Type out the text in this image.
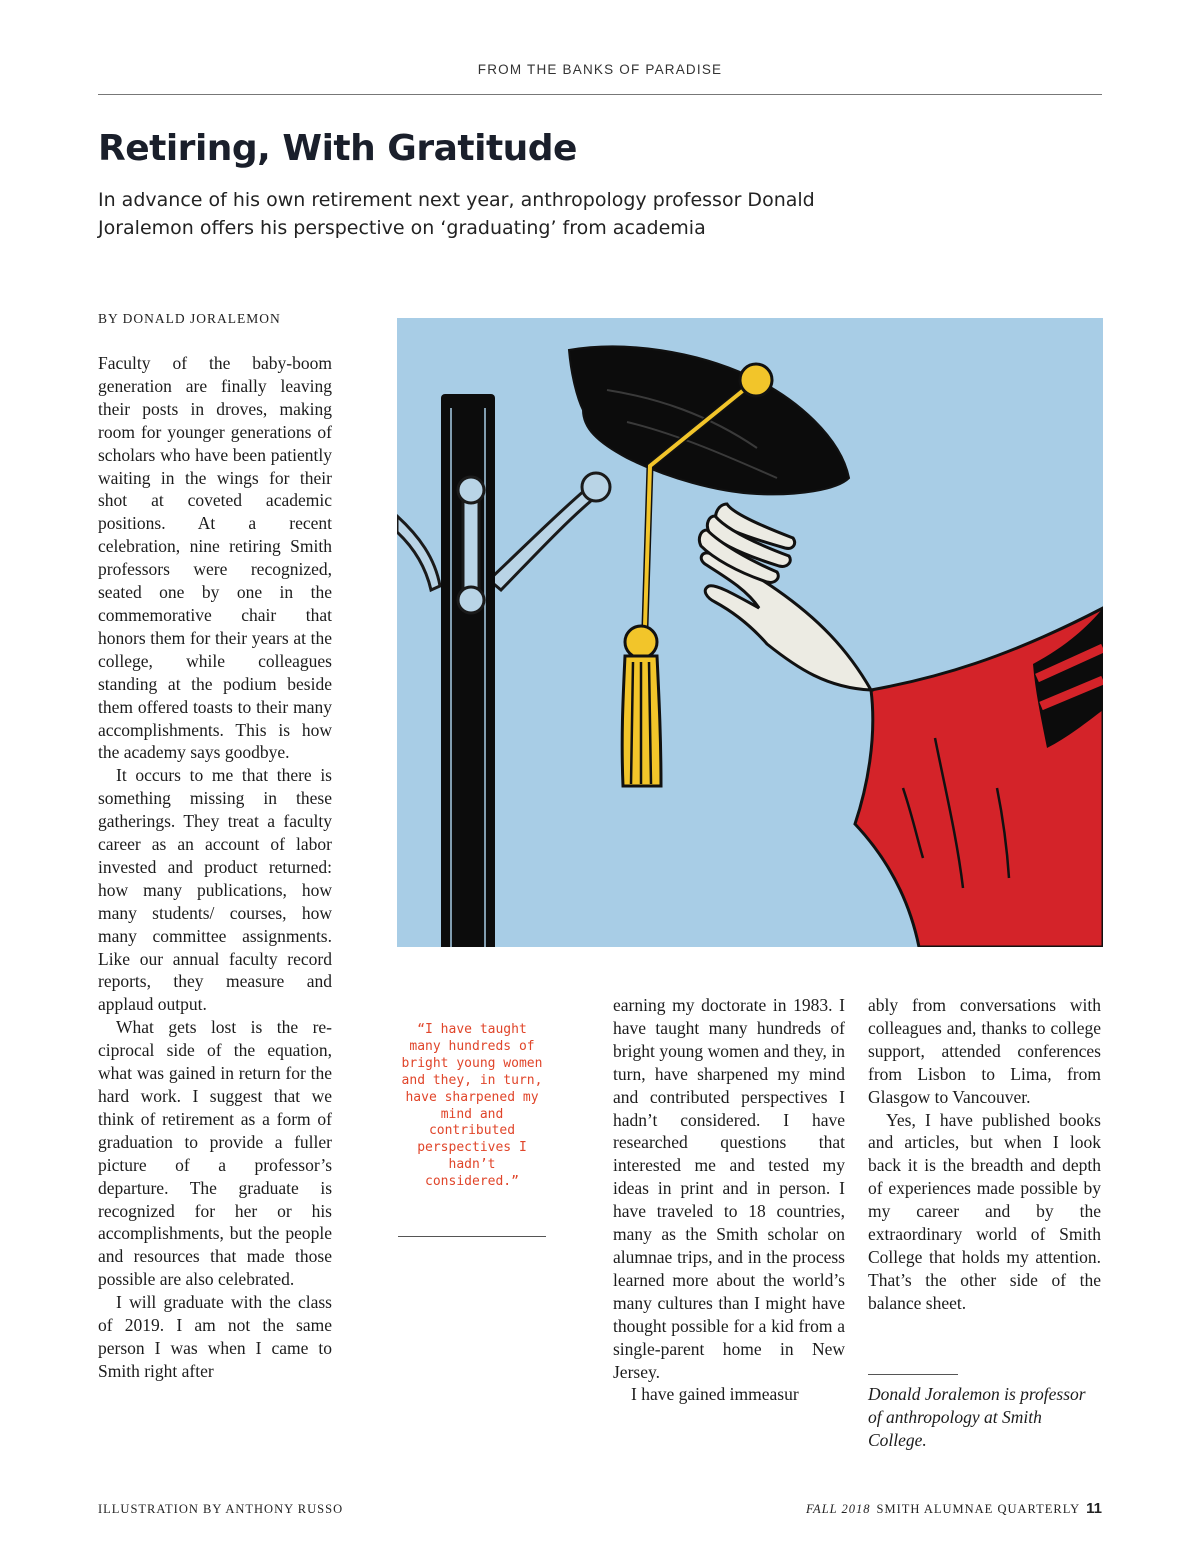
FROM THE BANKS OF PARADISE
Retiring, With Gratitude

In advance of his own retirement next year, anthropology professor Donald Joralemon offers his perspective on ‘graduating’ from academia

BY DONALD JORALEMON

Faculty of the baby-boom generation are finally leaving their posts in droves, making room for younger generations of scholars who have been patiently waiting in the wings for their shot at coveted academic positions. At a recent celebration, nine retiring Smith professors were recognized, seated one by one in the commemorative chair that honors them for their years at the college, while colleagues standing at the podium beside them offered toasts to their many accomplishments. This is how the academy says goodbye.

It occurs to me that there is something missing in these gatherings. They treat a faculty career as an account of labor invested and product returned: how many publications, how many students/ courses, how many committee assignments. Like our annual faculty record reports, they measure and applaud output.

What gets lost is the reciprocal side of the equation, what was gained in return for the hard work. I suggest that we think of retirement as a form of graduation to provide a fuller picture of a professor’s departure. The graduate is recognized for her or his accomplishments, but the people and resources that made those possible are also celebrated.

I will graduate with the class of 2019. I am not the same person I was when I came to Smith right after

“I have taught many hundreds of bright young women and they, in turn, have sharpened my mind and contributed perspectives I hadn’t considered.”

earning my doctorate in 1983. I have taught many hundreds of bright young women and they, in turn, have sharpened my mind and contributed perspectives I hadn’t considered. I have researched questions that interested me and tested my ideas in print and in person. I have traveled to 18 countries, many as the Smith scholar on alumnae trips, and in the process learned more about the world’s many cultures than I might have thought possible for a kid from a single-parent home in New Jersey.

I have gained immeasur

ably from conversations with colleagues and, thanks to college support, attended conferences from Lisbon to Lima, from Glasgow to Vancouver.

Yes, I have published books and articles, but when I look back it is the breadth and depth of experiences made possible by my career and by the extraordinary world of Smith College that holds my attention. That’s the other side of the balance sheet.

Donald Joralemon is professor of anthropology at Smith College.
ILLUSTRATION BY ANTHONY RUSSO	FALL 2018 SMITH ALUMNAE QUARTERLY 11
